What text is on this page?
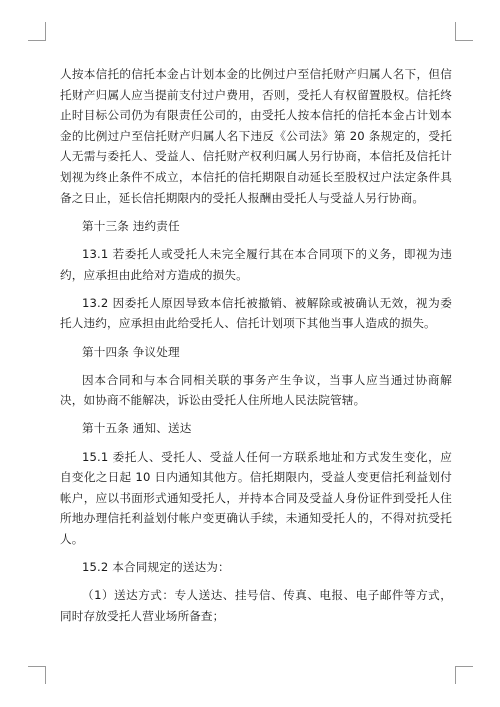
人按本信托的信托本金占计划本金的比例过户至信托财产归属人名下，但信托财产归属人应当提前支付过户费用，否则，受托人有权留置股权。信托终止时目标公司仍为有限责任公司的，由受托人按本信托的信托本金占计划本金的比例过户至信托财产归属人名下违反《公司法》第 20 条规定的，受托人无需与委托人、受益人、信托财产权利归属人另行协商，本信托及信托计划视为终止条件不成立，本信托的信托期限自动延长至股权过户法定条件具备之日止，延长信托期限内的受托人报酬由受托人与受益人另行协商。

第十三条 违约责任

13.1 若委托人或受托人未完全履行其在本合同项下的义务，即视为违约，应承担由此给对方造成的损失。

13.2 因委托人原因导致本信托被撤销、被解除或被确认无效，视为委托人违约，应承担由此给受托人、信托计划项下其他当事人造成的损失。

第十四条 争议处理

因本合同和与本合同相关联的事务产生争议，当事人应当通过协商解决，如协商不能解决，诉讼由受托人住所地人民法院管辖。

第十五条 通知、送达

15.1 委托人、受托人、受益人任何一方联系地址和方式发生变化，应自变化之日起 10 日内通知其他方。信托期限内，受益人变更信托利益划付帐户，应以书面形式通知受托人，并持本合同及受益人身份证件到受托人住所地办理信托利益划付帐户变更确认手续，未通知受托人的，不得对抗受托人。

15.2 本合同规定的送达为：

（1）送达方式：专人送达、挂号信、传真、电报、电子邮件等方式，同时存放受托人营业场所备查；
